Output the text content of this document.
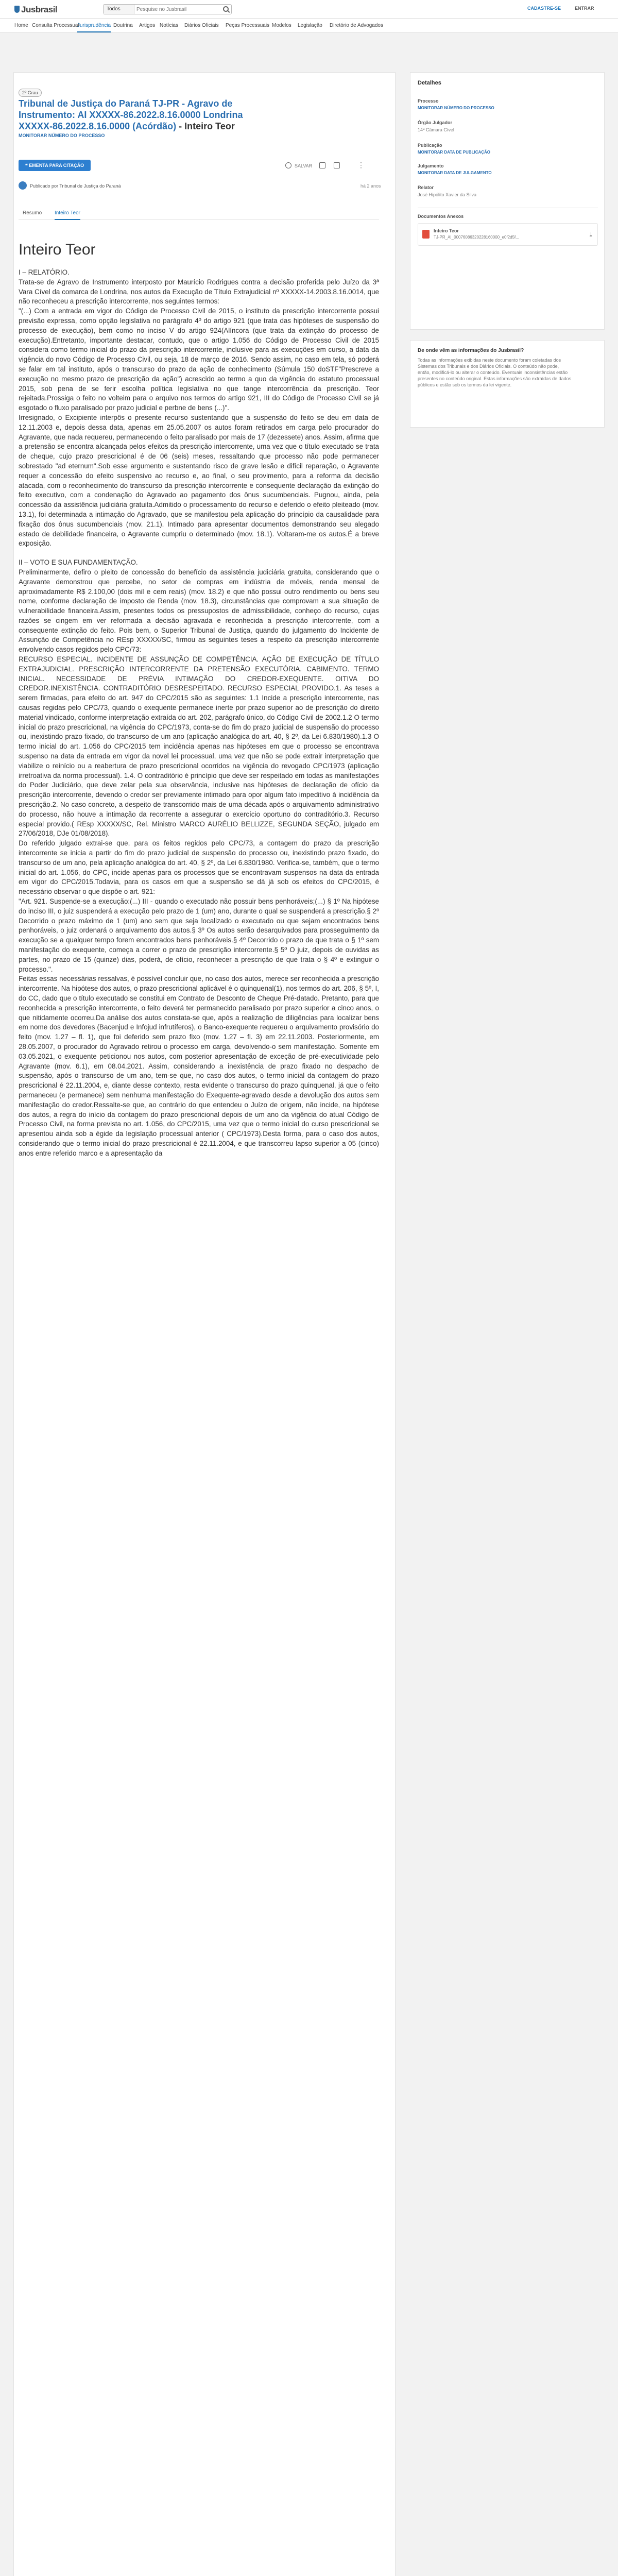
Jusbrasil	Todos
Pesquise no Jusbrasil	CADASTRE-SE	ENTRAR
Home Consulta Processual
Jurisprudência Doutrina Artigos Notícias Diários Oficiais Peças Processuais Modelos Legislação Diretório de Advogados
2º Grau
Tribunal de Justiça do Paraná TJ-PR - Agravo de Instrumento: AI XXXXX-86.2022.8.16.0000 Londrina XXXXX-86.2022.8.16.0000 (Acórdão) - Inteiro Teor
MONITORAR NÚMERO DO PROCESSO
❝ EMENTA PARA CITAÇÃO	SALVAR	⋮
Publicado por Tribunal de Justiça do Paraná	há 2 anos
Resumo Inteiro Teor
Inteiro Teor

I – RELATÓRIO.

Trata-se de Agravo de Instrumento interposto por Maurício Rodrigues contra a decisão proferida pelo Juízo da 3ª Vara Cível da comarca de Londrina, nos autos da Execução de Título Extrajudicial nº XXXXX-14.2003.8.16.0014, que não reconheceu a prescrição intercorrente, nos seguintes termos:

"(...) Com a entrada em vigor do Código de Processo Civil de 2015, o instituto da prescrição intercorrente possui previsão expressa, como opção legislativa no parágrafo 4º do artigo 921 (que trata das hipóteses de suspensão do processo de execução), bem como no inciso V do artigo 924(Alíncora (que trata da extinção do processo de execução).Entretanto, importante destacar, contudo, que o artigo 1.056 do Código de Processo Civil de 2015 considera como termo inicial do prazo da prescrição intercorrente, inclusive para as execuções em curso, a data da vigência do novo Código de Processo Civil, ou seja, 18 de março de 2016. Sendo assim, no caso em tela, só poderá se falar em tal instituto, após o transcurso do prazo da ação de conhecimento (Súmula 150 doSTF"Prescreve a execução no mesmo prazo de prescrição da ação") acrescido ao termo a quo da vigência do estatuto processual 2015, sob pena de se ferir escolha política legislativa no que tange intercorrência da prescrição. Teor rejeitada.Prossiga o feito no volteim para o arquivo nos termos do artigo 921, III do Código de Processo Civil se já esgotado o fluxo paralisado por prazo judicial e perbne de bens (...)".

Irresignado, o Excipiente interpôs o presente recurso sustentando que a suspensão do feito se deu em data de 12.11.2003 e, depois dessa data, apenas em 25.05.2007 os autos foram retirados em carga pelo procurador do Agravante, que nada requereu, permanecendo o feito paralisado por mais de 17 (dezessete) anos. Assim, afirma que a pretensão se encontra alcançada pelos efeitos da prescrição intercorrente, uma vez que o título executado se trata de cheque, cujo prazo prescricional é de 06 (seis) meses, ressaltando que processo não pode permanecer sobrestado "ad eternum".Sob esse argumento e sustentando risco de grave lesão e difícil reparação, o Agravante requer a concessão do efeito suspensivo ao recurso e, ao final, o seu provimento, para a reforma da decisão atacada, com o reconhecimento do transcurso da prescrição intercorrente e consequente declaração da extinção do feito executivo, com a condenação do Agravado ao pagamento dos ônus sucumbenciais. Pugnou, ainda, pela concessão da assistência judiciária gratuita.Admitido o processamento do recurso e deferido o efeito pleiteado (mov. 13.1), foi determinada a intimação do Agravado, que se manifestou pela aplicação do princípio da causalidade para fixação dos ônus sucumbenciais (mov. 21.1). Intimado para apresentar documentos demonstrando seu alegado estado de debilidade financeira, o Agravante cumpriu o determinado (mov. 18.1). Voltaram-me os autos.É a breve exposição.

II – VOTO E SUA FUNDAMENTAÇÃO.

Preliminarmente, defiro o pleito de concessão do benefício da assistência judiciária gratuita, considerando que o Agravante demonstrou que percebe, no setor de compras em indústria de móveis, renda mensal de aproximadamente R$ 2.100,00 (dois mil e cem reais) (mov. 18.2) e que não possui outro rendimento ou bens seu nome, conforme declaração de imposto de Renda (mov. 18.3), circunstâncias que comprovam a sua situação de vulnerabilidade financeira.Assim, presentes todos os pressupostos de admissibilidade, conheço do recurso, cujas razões se cingem em ver reformada a decisão agravada e reconhecida a prescrição intercorrente, com a consequente extinção do feito. Pois bem, o Superior Tribunal de Justiça, quando do julgamento do Incidente de Assunção de Competência no REsp XXXXX/SC, firmou as seguintes teses a respeito da prescrição intercorrente envolvendo casos regidos pelo CPC/73:

RECURSO ESPECIAL. INCIDENTE DE ASSUNÇÃO DE COMPETÊNCIA. AÇÃO DE EXECUÇÃO DE TÍTULO EXTRAJUDICIAL. PRESCRIÇÃO INTERCORRENTE DA PRETENSÃO EXECUTÓRIA. CABIMENTO. TERMO INICIAL. NECESSIDADE DE PRÉVIA INTIMAÇÃO DO CREDOR-EXEQUENTE. OITIVA DO CREDOR.INEXISTÊNCIA. CONTRADITÓRIO DESRESPEITADO. RECURSO ESPECIAL PROVIDO.1. As teses a serem firmadas, para efeito do art. 947 do CPC/2015 são as seguintes: 1.1 Incide a prescrição intercorrente, nas causas regidas pelo CPC/73, quando o exequente permanece inerte por prazo superior ao de prescrição do direito material vindicado, conforme interpretação extraída do art. 202, parágrafo único, do Código Civil de 2002.1.2 O termo inicial do prazo prescricional, na vigência do CPC/1973, conta-se do fim do prazo judicial de suspensão do processo ou, inexistindo prazo fixado, do transcurso de um ano (aplicação analógica do art. 40, § 2º, da Lei 6.830/1980).1.3 O termo inicial do art. 1.056 do CPC/2015 tem incidência apenas nas hipóteses em que o processo se encontrava suspenso na data da entrada em vigor da novel lei processual, uma vez que não se pode extrair interpretação que viabilize o reinício ou a reabertura de prazo prescricional ocorridos na vigência do revogado CPC/1973 (aplicação irretroativa da norma processual). 1.4. O contraditório é princípio que deve ser respeitado em todas as manifestações do Poder Judiciário, que deve zelar pela sua observância, inclusive nas hipóteses de declaração de ofício da prescrição intercorrente, devendo o credor ser previamente intimado para opor algum fato impeditivo à incidência da prescrição.2. No caso concreto, a despeito de transcorrido mais de uma década após o arquivamento administrativo do processo, não houve a intimação da recorrente a assegurar o exercício oportuno do contraditório.3. Recurso especial provido.( REsp XXXXX/SC, Rel. Ministro MARCO AURÉLIO BELLIZZE, SEGUNDA SEÇÃO, julgado em 27/06/2018, DJe 01/08/2018).

Do referido julgado extrai-se que, para os feitos regidos pelo CPC/73, a contagem do prazo da prescrição intercorrente se inicia a partir do fim do prazo judicial de suspensão do processo ou, inexistindo prazo fixado, do transcurso de um ano, pela aplicação analógica do art. 40, § 2º, da Lei 6.830/1980. Verifica-se, também, que o termo inicial do art. 1.056, do CPC, incide apenas para os processos que se encontravam suspensos na data da entrada em vigor do CPC/2015.Todavia, para os casos em que a suspensão se dá já sob os efeitos do CPC/2015, é necessário observar o que dispõe o art. 921:

"Art. 921. Suspende-se a execução:(...) III - quando o executado não possuir bens penhoráveis;(...) § 1º Na hipótese do inciso III, o juiz suspenderá a execução pelo prazo de 1 (um) ano, durante o qual se suspenderá a prescrição.§ 2º Decorrido o prazo máximo de 1 (um) ano sem que seja localizado o executado ou que sejam encontrados bens penhoráveis, o juiz ordenará o arquivamento dos autos.§ 3º Os autos serão desarquivados para prosseguimento da execução se a qualquer tempo forem encontrados bens penhoráveis.§ 4º Decorrido o prazo de que trata o § 1º sem manifestação do exequente, começa a correr o prazo de prescrição intercorrente.§ 5º O juiz, depois de ouvidas as partes, no prazo de 15 (quinze) dias, poderá, de ofício, reconhecer a prescrição de que trata o § 4º e extinguir o processo.".

Feitas essas necessárias ressalvas, é possível concluir que, no caso dos autos, merece ser reconhecida a prescrição intercorrente. Na hipótese dos autos, o prazo prescricional aplicável é o quinquenal(1), nos termos do art. 206, § 5º, I, do CC, dado que o título executado se constitui em Contrato de Desconto de Cheque Pré-datado. Pretanto, para que reconhecida a prescrição intercorrente, o feito deverá ter permanecido paralisado por prazo superior a cinco anos, o que nitidamente ocorreu.Da análise dos autos constata-se que, após a realização de diligências para localizar bens em nome dos devedores (Bacenjud e Infojud infrutíferos), o Banco-exequente requereu o arquivamento provisório do feito (mov. 1.27 – fl. 1), que foi deferido sem prazo fixo (mov. 1.27 – fl. 3) em 22.11.2003. Posteriormente, em 28.05.2007, o procurador do Agravado retirou o processo em carga, devolvendo-o sem manifestação. Somente em 03.05.2021, o exequente peticionou nos autos, com posterior apresentação de exceção de pré-executividade pelo Agravante (mov. 6.1), em 08.04.2021. Assim, considerando a inexistência de prazo fixado no despacho de suspensão, após o transcurso de um ano, tem-se que, no caso dos autos, o termo inicial da contagem do prazo prescricional é 22.11.2004, e, diante desse contexto, resta evidente o transcurso do prazo quinquenal, já que o feito permaneceu (e permanece) sem nenhuma manifestação do Exequente-agravado desde a devolução dos autos sem manifestação do credor.Ressalte-se que, ao contrário do que entendeu o Juízo de origem, não incide, na hipótese dos autos, a regra do início da contagem do prazo prescricional depois de um ano da vigência do atual Código de Processo Civil, na forma prevista no art. 1.056, do CPC/2015, uma vez que o termo inicial do curso prescricional se apresentou ainda sob a égide da legislação processual anterior ( CPC/1973).Desta forma, para o caso dos autos, considerando que o termo inicial do prazo prescricional é 22.11.2004, e que transcorreu lapso superior a 05 (cinco) anos entre referido marco e a apresentação da

Detalhes
Processo
MONITORAR NÚMERO DO PROCESSO
Órgão Julgador
14ª Câmara Cível
Publicação
MONITORAR DATA DE PUBLICAÇÃO
Julgamento
MONITORAR DATA DE JULGAMENTO
Relator
José Hipólito Xavier da Silva
Documentos Anexos
Inteiro Teor
TJ-PR_AI_00076086320228160000_e0f2d5f...	⤓
De onde vêm as informações do Jusbrasil?
Todas as informações exibidas neste documento foram coletadas dos Sistemas dos Tribunais e dos Diários Oficiais. O conteúdo não pode, então, modificá-lo ou alterar o conteúdo. Eventuais inconsistências estão presentes no conteúdo original. Estas informações são extraídas de dados públicos e estão sob os termos da lei vigente.
